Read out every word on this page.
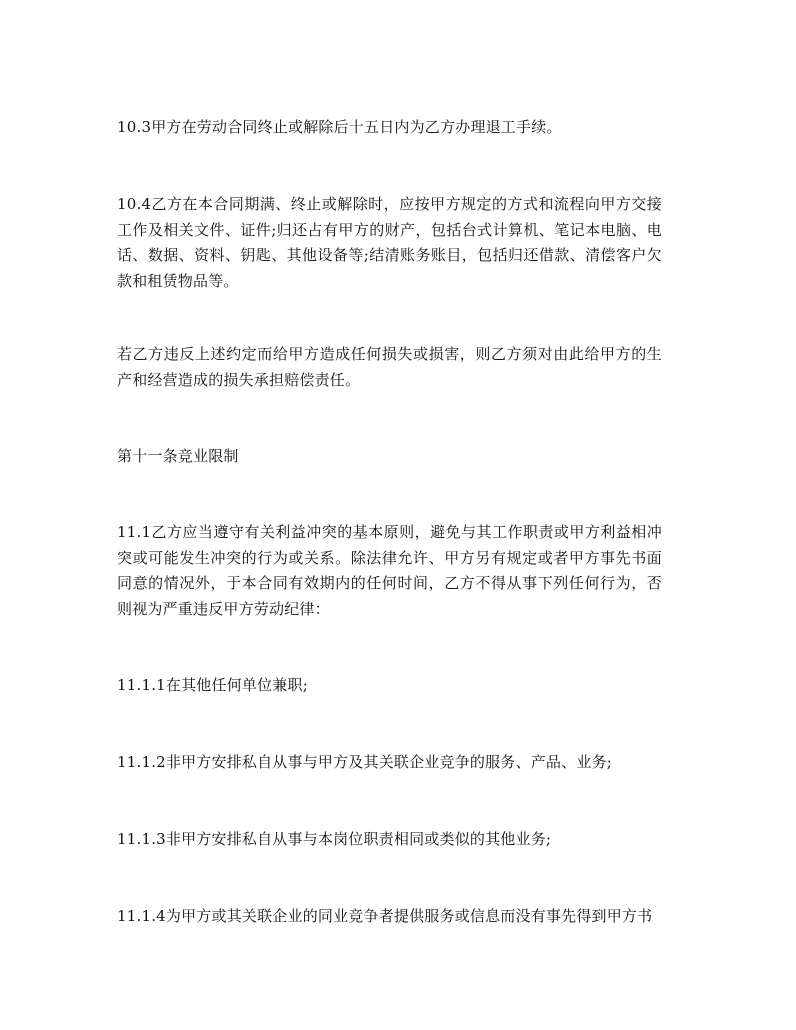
10.3甲方在劳动合同终止或解除后十五日内为乙方办理退工手续。

10.4乙方在本合同期满、终止或解除时，应按甲方规定的方式和流程向甲方交接工作及相关文件、证件;归还占有甲方的财产，包括台式计算机、笔记本电脑、电话、数据、资料、钥匙、其他设备等;结清账务账目，包括归还借款、清偿客户欠款和租赁物品等。

若乙方违反上述约定而给甲方造成任何损失或损害，则乙方须对由此给甲方的生产和经营造成的损失承担赔偿责任。

第十一条竞业限制

11.1乙方应当遵守有关利益冲突的基本原则，避免与其工作职责或甲方利益相冲突或可能发生冲突的行为或关系。除法律允许、甲方另有规定或者甲方事先书面同意的情况外，于本合同有效期内的任何时间，乙方不得从事下列任何行为，否则视为严重违反甲方劳动纪律：

11.1.1在其他任何单位兼职;

11.1.2非甲方安排私自从事与甲方及其关联企业竞争的服务、产品、业务;

11.1.3非甲方安排私自从事与本岗位职责相同或类似的其他业务;

11.1.4为甲方或其关联企业的同业竞争者提供服务或信息而没有事先得到甲方书
